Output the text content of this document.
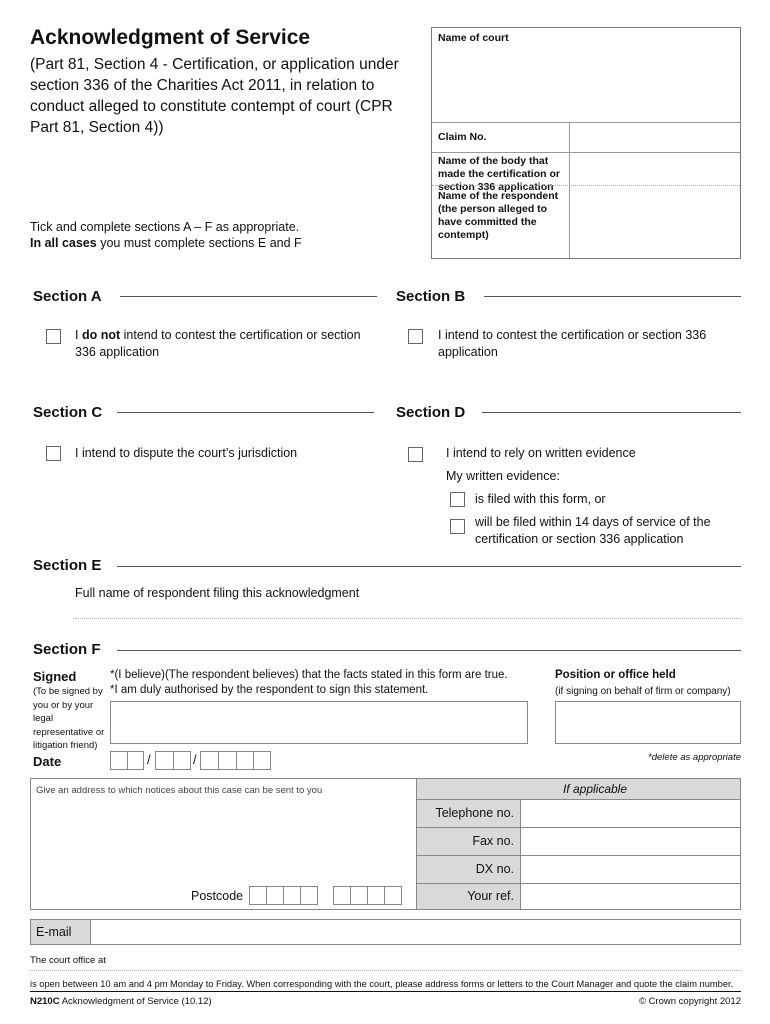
Acknowledgment of Service
(Part 81, Section 4 - Certification, or application under section 336 of the Charities Act 2011, in relation to conduct alleged to constitute contempt of court (CPR Part 81, Section 4))
Tick and complete sections A – F as appropriate.
In all cases you must complete sections E and F
Name of court
Claim No.
Name of the body that made the certification or section 336 application
Name of the respondent (the person alleged to have committed the contempt)
Section A
I do not intend to contest the certification or section 336 application
Section B
I intend to contest the certification or section 336 application
Section C
I intend to dispute the court’s jurisdiction
Section D
I intend to rely on written evidence
My written evidence:
is filed with this form, or
will be filed within 14 days of service of the certification or section 336 application
Section E
Full name of respondent filing this acknowledgment
Section F
Signed
(To be signed by you or by your legal representative or litigation friend)
*(I believe)(The respondent believes) that the facts stated in this form are true.
*I am duly authorised by the respondent to sign this statement.
Position or office held
(if signing on behalf of firm or company)
*delete as appropriate
Date	/	/
Give an address to which notices about this case can be sent to you
Postcode
If applicable
Telephone no.
Fax no.
DX no.
Your ref.
E-mail
The court office at
is open between 10 am and 4 pm Monday to Friday. When corresponding with the court, please address forms or letters to the Court Manager and quote the claim number.
N210C Acknowledgment of Service (10.12)	© Crown copyright 2012
